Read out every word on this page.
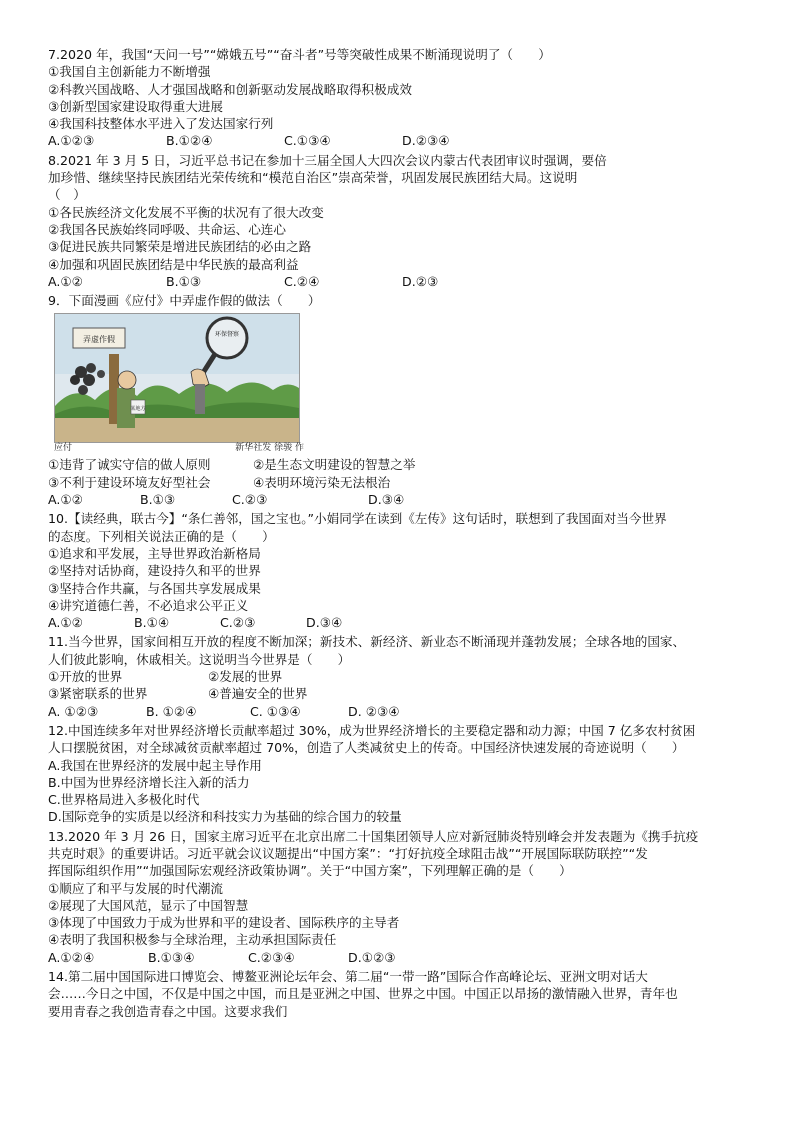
7.2020 年，我国“天问一号”“嫦娥五号”“奋斗者”号等突破性成果不断涌现说明了（　　）
①我国自主创新能力不断增强
②科教兴国战略、人才强国战略和创新驱动发展战略取得积极成效
③创新型国家建设取得重大进展
④我国科技整体水平进入了发达国家行列
A.①②③	B.①②④	C.①③④	D.②③④
8.2021 年 3 月 5 日，习近平总书记在参加十三届全国人大四次会议内蒙古代表团审议时强调，要倍
加珍惜、继续坚持民族团结光荣传统和“模范自治区”崇高荣誉，巩固发展民族团结大局。这说明
（　）
①各民族经济文化发展不平衡的状况有了很大改变
②我国各民族始终同呼吸、共命运、心连心
③促进民族共同繁荣是增进民族团结的必由之路
④加强和巩固民族团结是中华民族的最高利益
A.①②	B.①③	C.②④	D.②③
9．下面漫画《应付》中弄虚作假的做法（　　）
弄虚作假
某地方
环保督察
应付	新华社发 徐骏 作
①违背了诚实守信的做人原则	②是生态文明建设的智慧之举
③不利于建设环境友好型社会	④表明环境污染无法根治
A.①②	B.①③	C.②③	D.③④
10.【读经典，联古今】“条仁善邻，国之宝也。”小娟同学在读到《左传》这句话时，联想到了我国面对当今世界
的态度。下列相关说法正确的是（　　）
①追求和平发展，主导世界政治新格局
②坚持对话协商，建设持久和平的世界
③坚持合作共赢，与各国共享发展成果
④讲究道德仁善，不必追求公平正义
A.①②	B.①④	C.②③	D.③④
11.当今世界，国家间相互开放的程度不断加深；新技术、新经济、新业态不断涌现并蓬勃发展；全球各地的国家、
人们彼此影响，休戚相关。这说明当今世界是（　　）
①开放的世界	②发展的世界
③紧密联系的世界	④普遍安全的世界
A. ①②③	B. ①②④	C. ①③④	D. ②③④
12.中国连续多年对世界经济增长贡献率超过 30%，成为世界经济增长的主要稳定器和动力源；中国 7 亿多农村贫困
人口摆脱贫困，对全球减贫贡献率超过 70%，创造了人类减贫史上的传奇。中国经济快速发展的奇迹说明（　　）
A.我国在世界经济的发展中起主导作用
B.中国为世界经济增长注入新的活力
C.世界格局进入多极化时代
D.国际竞争的实质是以经济和科技实力为基础的综合国力的较量
13.2020 年 3 月 26 日，国家主席习近平在北京出席二十国集团领导人应对新冠肺炎特别峰会并发表题为《携手抗疫
共克时艰》的重要讲话。习近平就会议议题提出“中国方案”：“打好抗疫全球阻击战”“开展国际联防联控”“发
挥国际组织作用”“加强国际宏观经济政策协调”。关于“中国方案”，下列理解正确的是（　　）
①顺应了和平与发展的时代潮流
②展现了大国风范，显示了中国智慧
③体现了中国致力于成为世界和平的建设者、国际秩序的主导者
④表明了我国积极参与全球治理，主动承担国际责任
A.①②④	B.①③④	C.②③④	D.①②③
14.第二届中国国际进口博览会、博鳌亚洲论坛年会、第二届“一带一路”国际合作高峰论坛、亚洲文明对话大
会……今日之中国，不仅是中国之中国，而且是亚洲之中国、世界之中国。中国正以昂扬的激情融入世界，青年也
要用青春之我创造青春之中国。这要求我们
